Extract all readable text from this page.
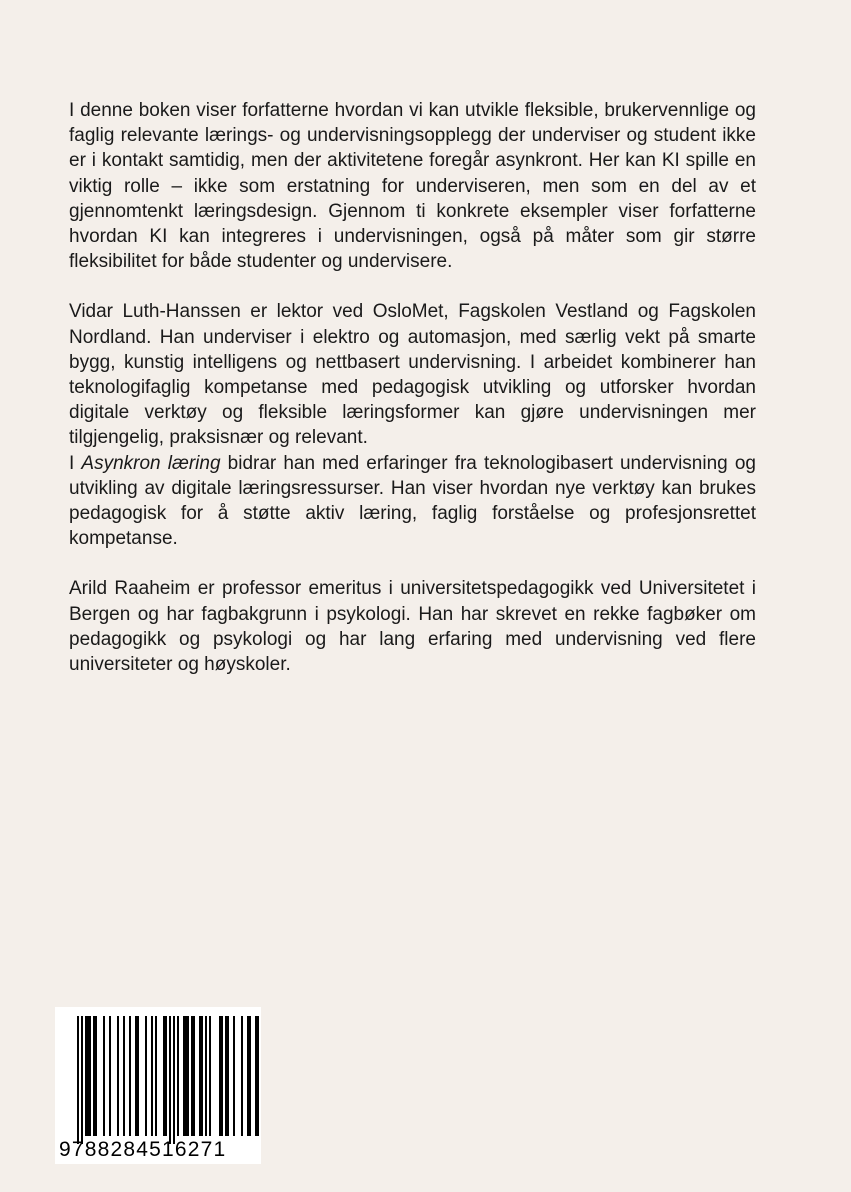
I denne boken viser forfatterne hvordan vi kan utvikle fleksible, brukervennlige og faglig relevante lærings- og undervisningsopplegg der underviser og student ikke er i kontakt samtidig, men der aktivitetene foregår asynkront. Her kan KI spille en viktig rolle – ikke som erstatning for underviseren, men som en del av et gjennomtenkt læringsdesign. Gjennom ti konkrete eksempler viser forfatterne hvordan KI kan integreres i undervisningen, også på måter som gir større fleksibilitet for både studenter og undervisere.

Vidar Luth-Hanssen er lektor ved OsloMet, Fagskolen Vestland og Fagskolen Nordland. Han underviser i elektro og automasjon, med særlig vekt på smarte bygg, kunstig intelligens og nettbasert undervisning. I arbeidet kombinerer han teknologifaglig kompetanse med pedagogisk utvikling og utforsker hvordan digitale verktøy og fleksible læringsformer kan gjøre undervisningen mer tilgjengelig, praksisnær og relevant.

I Asynkron læring bidrar han med erfaringer fra teknologibasert undervisning og utvikling av digitale læringsressurser. Han viser hvordan nye verktøy kan brukes pedagogisk for å støtte aktiv læring, faglig forståelse og profesjonsrettet kompetanse.

Arild Raaheim er professor emeritus i universitetspedagogikk ved Universitetet i Bergen og har fagbakgrunn i psykologi. Han har skrevet en rekke fagbøker om pedagogikk og psykologi og har lang erfaring med undervisning ved flere universiteter og høyskoler.

9788284516271
